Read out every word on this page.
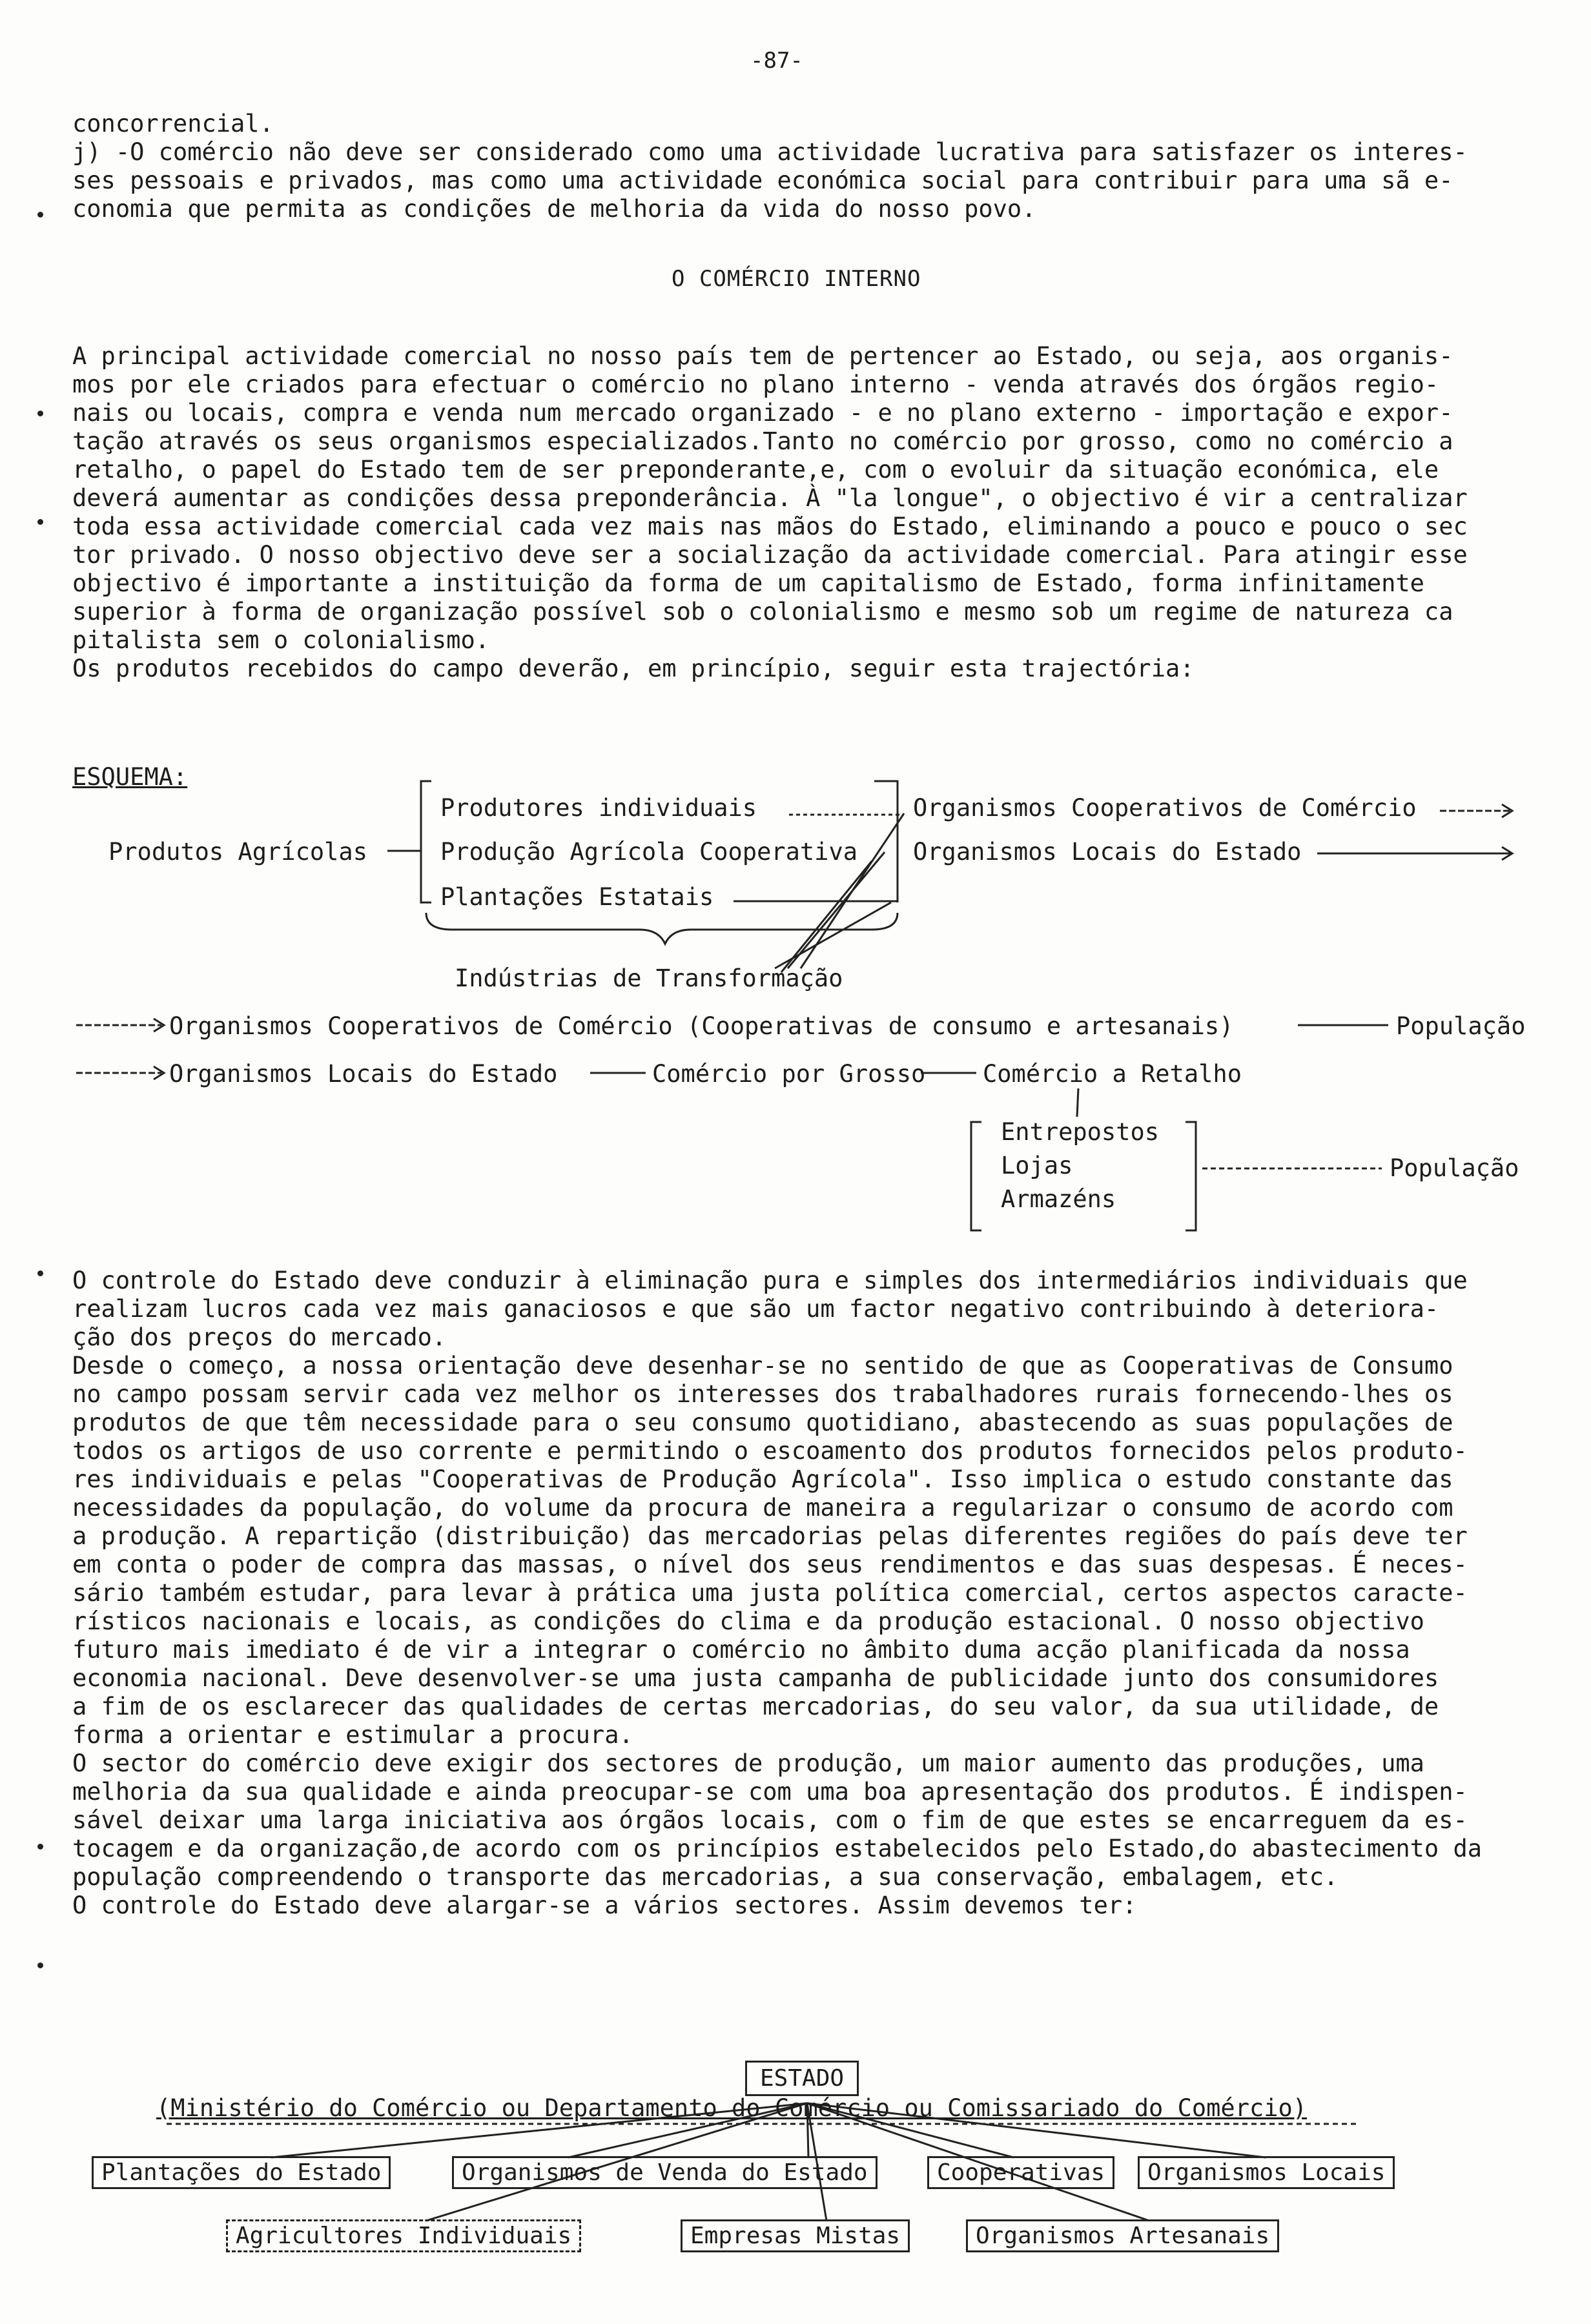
-87-

concorrencial.

j) -O comércio não deve ser considerado como uma actividade lucrativa para satisfazer os interes-

ses pessoais e privados, mas como uma actividade económica social para contribuir para uma sã e-

conomia que permita as condições de melhoria da vida do nosso povo.

O COMÉRCIO INTERNO

A principal actividade comercial no nosso país tem de pertencer ao Estado, ou seja, aos organis-

mos por ele criados para efectuar o comércio no plano interno - venda através dos órgãos regio-

nais ou locais, compra e venda num mercado organizado - e no plano externo - importação e expor-

tação através os seus organismos especializados.Tanto no comércio por grosso, como no comércio a

retalho, o papel do Estado tem de ser preponderante,e, com o evoluir da situação económica, ele

deverá aumentar as condições dessa preponderância. À "la longue", o objectivo é vir a centralizar

toda essa actividade comercial cada vez mais nas mãos do Estado, eliminando a pouco e pouco o sec

tor privado. O nosso objectivo deve ser a socialização da actividade comercial. Para atingir esse

objectivo é importante a instituição da forma de um capitalismo de Estado, forma infinitamente

superior à forma de organização possível sob o colonialismo e mesmo sob um regime de natureza ca

pitalista sem o colonialismo.

Os produtos recebidos do campo deverão, em princípio, seguir esta trajectória:

ESQUEMA:
Produtos Agrícolas
Produtores individuais
Produção Agrícola Cooperativa
Plantações Estatais
Organismos Cooperativos de Comércio
Organismos Locais do Estado
Indústrias de Transformação
Organismos Cooperativos de Comércio (Cooperativas de consumo e artesanais)	População
Organismos Locais do Estado	Comércio por Grosso Comércio a Retalho
Entrepostos
Lojas
Armazéns
População

O controle do Estado deve conduzir à eliminação pura e simples dos intermediários individuais que

realizam lucros cada vez mais ganaciosos e que são um factor negativo contribuindo à deteriora-

ção dos preços do mercado.

Desde o começo, a nossa orientação deve desenhar-se no sentido de que as Cooperativas de Consumo

no campo possam servir cada vez melhor os interesses dos trabalhadores rurais fornecendo-lhes os

produtos de que têm necessidade para o seu consumo quotidiano, abastecendo as suas populações de

todos os artigos de uso corrente e permitindo o escoamento dos produtos fornecidos pelos produto-

res individuais e pelas "Cooperativas de Produção Agrícola". Isso implica o estudo constante das

necessidades da população, do volume da procura de maneira a regularizar o consumo de acordo com

a produção. A repartição (distribuição) das mercadorias pelas diferentes regiões do país deve ter

em conta o poder de compra das massas, o nível dos seus rendimentos e das suas despesas. É neces-

sário também estudar, para levar à prática uma justa política comercial, certos aspectos caracte-

rísticos nacionais e locais, as condições do clima e da produção estacional. O nosso objectivo

futuro mais imediato é de vir a integrar o comércio no âmbito duma acção planificada da nossa

economia nacional. Deve desenvolver-se uma justa campanha de publicidade junto dos consumidores

a fim de os esclarecer das qualidades de certas mercadorias, do seu valor, da sua utilidade, de

forma a orientar e estimular a procura.

O sector do comércio deve exigir dos sectores de produção, um maior aumento das produções, uma

melhoria da sua qualidade e ainda preocupar-se com uma boa apresentação dos produtos. É indispen-

sável deixar uma larga iniciativa aos órgãos locais, com o fim de que estes se encarreguem da es-

tocagem e da organização,de acordo com os princípios estabelecidos pelo Estado,do abastecimento da

população compreendendo o transporte das mercadorias, a sua conservação, embalagem, etc.

O controle do Estado deve alargar-se a vários sectores. Assim devemos ter:

ESTADO
(Ministério do Comércio ou Departamento do Comércio ou Comissariado do Comércio)
Plantações do Estado	Organismos de Venda do Estado	Cooperativas	Organismos Locais
Agricultores Individuais	Empresas Mistas	Organismos Artesanais
